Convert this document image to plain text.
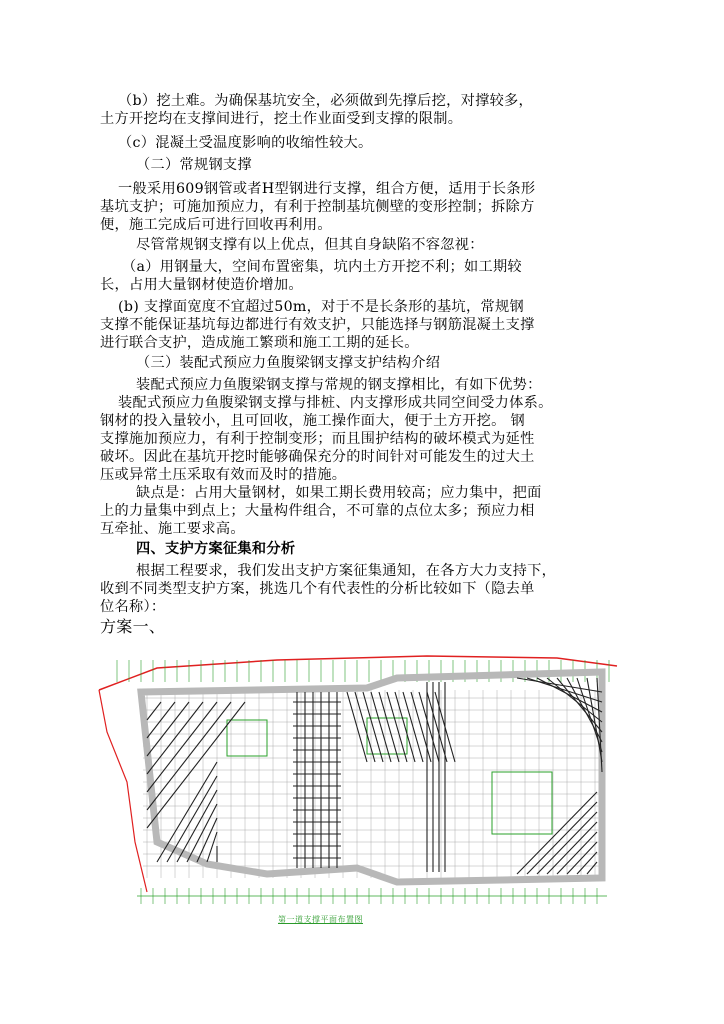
（b）挖土难。为确保基坑安全，必须做到先撑后挖，对撑较多，
土方开挖均在支撑间进行，挖土作业面受到支撑的限制。
（c）混凝土受温度影响的收缩性较大。
（二）常规钢支撑
一般采用609钢管或者H型钢进行支撑，组合方便，适用于长条形
基坑支护；可施加预应力，有利于控制基坑侧壁的变形控制；拆除方
便，施工完成后可进行回收再利用。
尽管常规钢支撑有以上优点，但其自身缺陷不容忽视：
（a）用钢量大，空间布置密集，坑内土方开挖不利；如工期较
长，占用大量钢材使造价增加。
(b) 支撑面宽度不宜超过50m，对于不是长条形的基坑，常规钢
支撑不能保证基坑每边都进行有效支护，只能选择与钢筋混凝土支撑
进行联合支护，造成施工繁琐和施工工期的延长。
（三）装配式预应力鱼腹梁钢支撑支护结构介绍
装配式预应力鱼腹梁钢支撑与常规的钢支撑相比，有如下优势：
装配式预应力鱼腹梁钢支撑与排桩、内支撑形成共同空间受力体系。
钢材的投入量较小，且可回收，施工操作面大，便于土方开挖。 钢
支撑施加预应力，有利于控制变形；而且围护结构的破坏模式为延性
破坏。因此在基坑开挖时能够确保充分的时间针对可能发生的过大土
压或异常土压采取有效而及时的措施。
缺点是：占用大量钢材，如果工期长费用较高；应力集中，把面
上的力量集中到点上；大量构件组合，不可靠的点位太多；预应力相
互牵扯、施工要求高。
四、支护方案征集和分析
根据工程要求，我们发出支护方案征集通知，在各方大力支持下，
收到不同类型支护方案，挑选几个有代表性的分析比较如下（隐去单
位名称）：
方案一、
第一道支撑平面布置图
